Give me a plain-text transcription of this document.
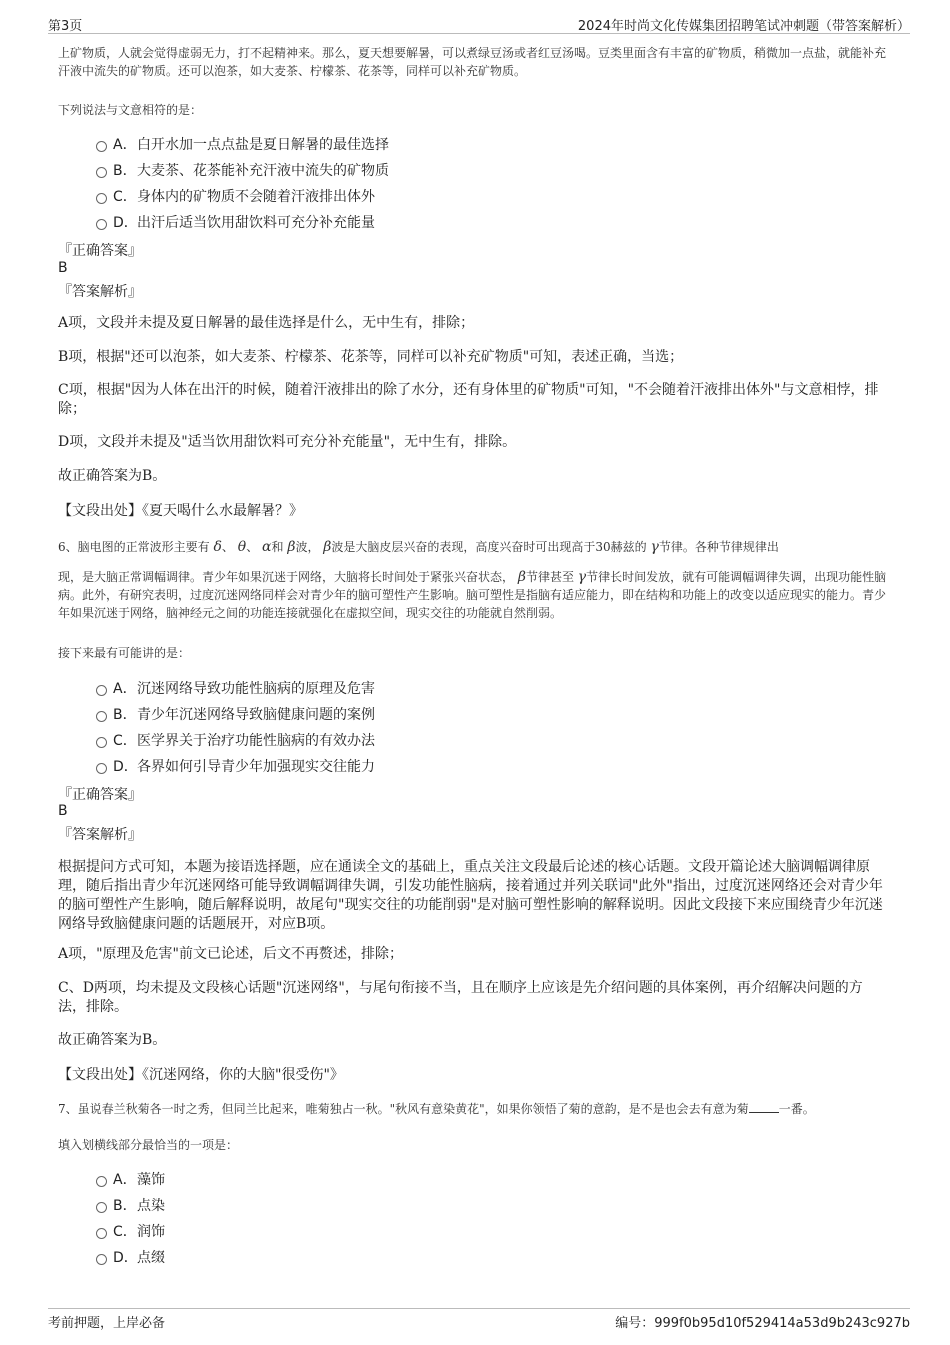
第3页	2024年时尚文化传媒集团招聘笔试冲刺题（带答案解析）
上矿物质，人就会觉得虚弱无力，打不起精神来。那么，夏天想要解暑，可以煮绿豆汤或者红豆汤喝。豆类里面含有丰富的矿物质，稍微加一点盐，就能补充汗液中流失的矿物质。还可以泡茶，如大麦茶、柠檬茶、花茶等，同样可以补充矿物质。
下列说法与文意相符的是：
A．白开水加一点点盐是夏日解暑的最佳选择
B．大麦茶、花茶能补充汗液中流失的矿物质
C．身体内的矿物质不会随着汗液排出体外
D．出汗后适当饮用甜饮料可充分补充能量
『正确答案』
B
『答案解析』
A项，文段并未提及夏日解暑的最佳选择是什么，无中生有，排除；
B项，根据"还可以泡茶，如大麦茶、柠檬茶、花茶等，同样可以补充矿物质"可知，表述正确，当选；
C项，根据"因为人体在出汗的时候，随着汗液排出的除了水分，还有身体里的矿物质"可知，"不会随着汗液排出体外"与文意相悖，排除；
D项，文段并未提及"适当饮用甜饮料可充分补充能量"，无中生有，排除。
故正确答案为B。
【文段出处】《夏天喝什么水最解暑？》
6、脑电图的正常波形主要有 δ、 θ、 α和 β波， β波是大脑皮层兴奋的表现，高度兴奋时可出现高于30赫兹的 γ节律。各种节律规律出
现，是大脑正常调幅调律。青少年如果沉迷于网络，大脑将长时间处于紧张兴奋状态， β节律甚至 γ节律长时间发放，就有可能调幅调律失调，出现功能性脑病。此外，有研究表明，过度沉迷网络同样会对青少年的脑可塑性产生影响。脑可塑性是指脑有适应能力，即在结构和功能上的改变以适应现实的能力。青少年如果沉迷于网络，脑神经元之间的功能连接就强化在虚拟空间，现实交往的功能就自然削弱。
接下来最有可能讲的是：
A．沉迷网络导致功能性脑病的原理及危害
B．青少年沉迷网络导致脑健康问题的案例
C．医学界关于治疗功能性脑病的有效办法
D．各界如何引导青少年加强现实交往能力
『正确答案』
B
『答案解析』
根据提问方式可知，本题为接语选择题，应在通读全文的基础上，重点关注文段最后论述的核心话题。文段开篇论述大脑调幅调律原理，随后指出青少年沉迷网络可能导致调幅调律失调，引发功能性脑病，接着通过并列关联词"此外"指出，过度沉迷网络还会对青少年的脑可塑性产生影响，随后解释说明，故尾句"现实交往的功能削弱"是对脑可塑性影响的解释说明。因此文段接下来应围绕青少年沉迷网络导致脑健康问题的话题展开，对应B项。
A项，"原理及危害"前文已论述，后文不再赘述，排除；
C、D两项，均未提及文段核心话题"沉迷网络"，与尾句衔接不当，且在顺序上应该是先介绍问题的具体案例，再介绍解决问题的方法，排除。
故正确答案为B。
【文段出处】《沉迷网络，你的大脑"很受伤"》
7、虽说春兰秋菊各一时之秀，但同兰比起来，唯菊独占一秋。"秋风有意染黄花"，如果你领悟了菊的意韵，是不是也会去有意为菊	一番。
填入划横线部分最恰当的一项是：
A．藻饰
B．点染
C．润饰
D．点缀
考前押题，上岸必备	编号：999f0b95d10f529414a53d9b243c927b
